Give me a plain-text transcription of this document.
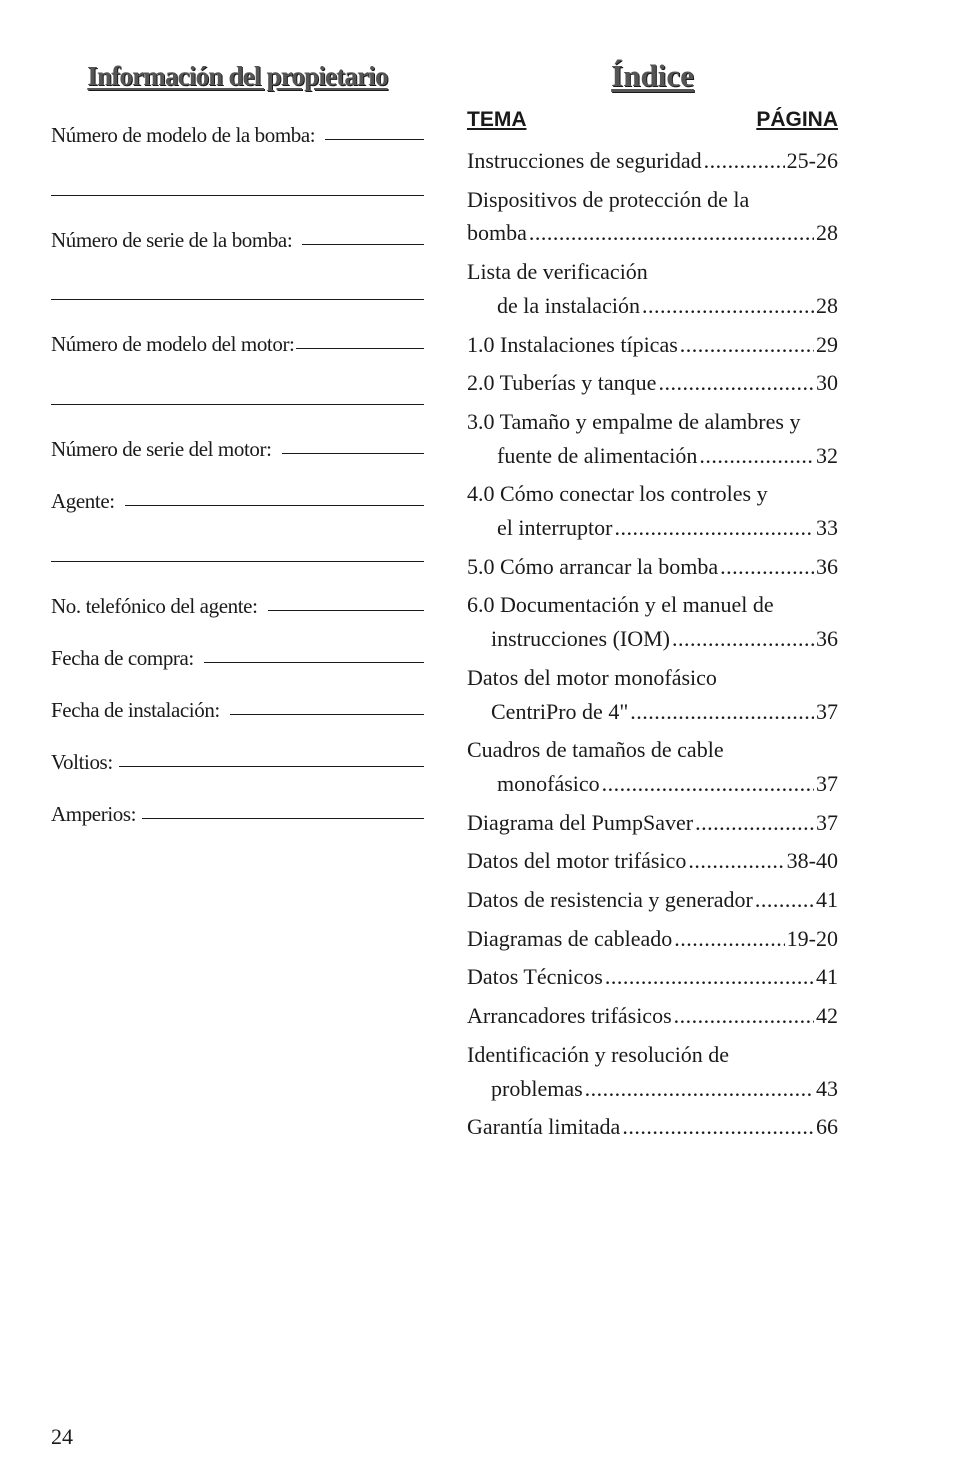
Información del propietario
Número de modelo de la bomba:
Número de serie de la bomba:
Número de modelo del motor:
Número de serie del motor:
Agente:
No. telefónico del agente:
Fecha de compra:
Fecha de instalación:
Voltios:
Amperios:
Índice
TEMA	PÁGINA
Instrucciones de seguridad .....	25-26
Dispositivos de protección de la
bomba .....	28
Lista de verificación
de la instalación .....	28
1.0 Instalaciones típicas .....	29
2.0 Tuberías y tanque .....	30
3.0 Tamaño y empalme de alambres y
fuente de alimentación .....	32
4.0 Cómo conectar los controles y
el interruptor .....	33
5.0 Cómo arrancar la bomba .....	36
6.0 Documentación y el manuel de
instrucciones (IOM) .....	36
Datos del motor monofásico
CentriPro de 4" .....	37
Cuadros de tamaños de cable
monofásico .....	37
Diagrama del PumpSaver .....	37
Datos del motor trifásico .....	38-40
Datos de resistencia y generador .....	41
Diagramas de cableado .....	19-20
Datos Técnicos .....	41
Arrancadores trifásicos .....	42
Identificación y resolución de
problemas .....	43
Garantía limitada .....	66
24
